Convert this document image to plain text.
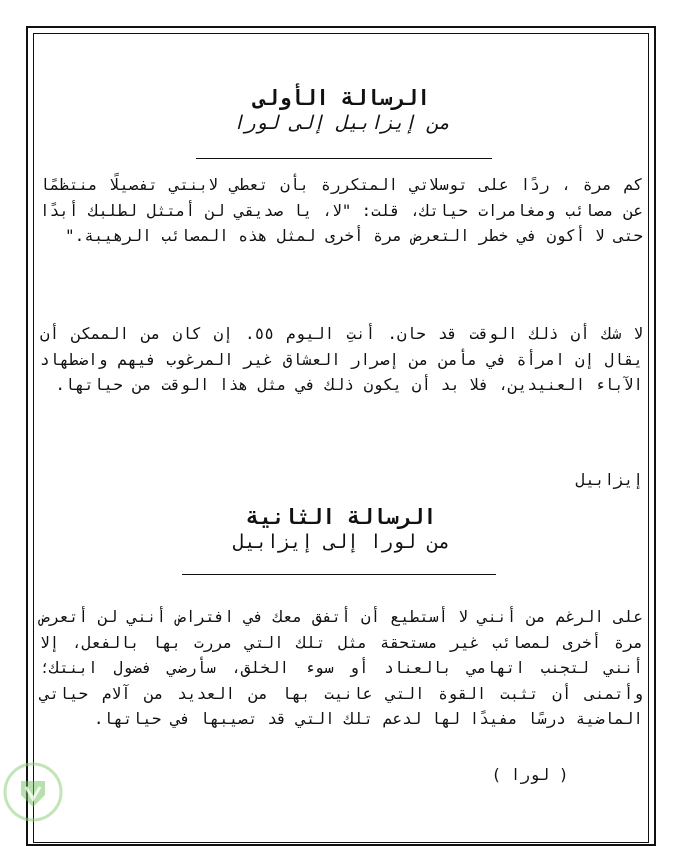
الرسالة الأولى

من إيزابيل إلى لورا

كم مرة ، ردًا على توسلاتي المتكررة بأن تعطي لابنتي تفصيلًا منتظمًا عن مصائب ومغامرات حياتك، قلت: "لا، يا صديقي لن أمتثل لطلبك أبدًا حتى لا أكون في خطر التعرض مرة أخرى لمثل هذه المصائب الرهيبة."

لا شك أن ذلك الوقت قد حان. أنتِ اليوم ٥٥. إن كان من الممكن أن يقال إن امرأة في مأمن من إصرار العشاق غير المرغوب فيهم واضطهاد الآباء العنيدين، فلا بد أن يكون ذلك في مثل هذا الوقت من حياتها.

إيزابيل

الرسالة الثانية

من لورا إلى إيزابيل

على الرغم من أنني لا أستطيع أن أتفق معك في افتراض أنني لن أتعرض مرة أخرى لمصائب غير مستحقة مثل تلك التي مررت بها بالفعل، إلا أنني لتجنب اتهامي بالعناد أو سوء الخلق، سأرضي فضول ابنتك؛ وأتمنى أن تثبت القوة التي عانيت بها من العديد من آلام حياتي الماضية درسًا مفيدًا لها لدعم تلك التي قد تصيبها في حياتها.

( لورا )
